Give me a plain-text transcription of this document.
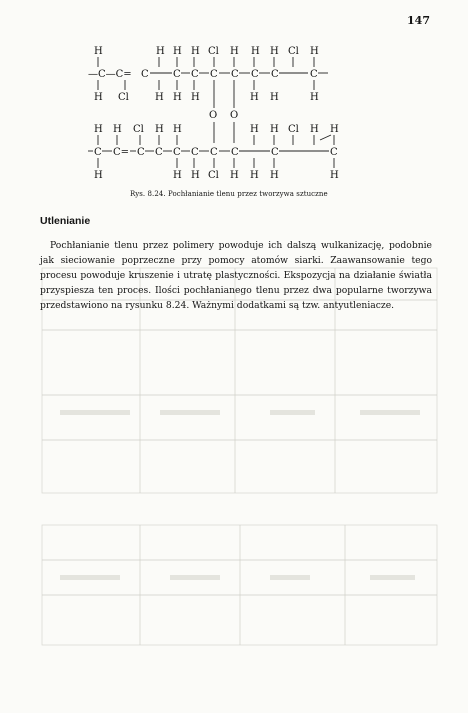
147
H	H H H Cl H H H Cl H
—C—C= C C C C C C C	C
H Cl	H H H	H H	H
O O
H H Cl H H	H H Cl H H
C C= C C C C C C	C	C
H	H H Cl H H H	H
Rys. 8.24. Pochłanianie tlenu przez tworzywa sztuczne
Utlenianie

Pochłanianie tlenu przez polimery powoduje ich dalszą wulkanizację, podobnie jak sieciowanie poprzeczne przy pomocy atomów siarki. Zaawansowanie tego procesu powoduje kruszenie i utratę plastyczności. Ekspozycja na działanie światła przyspiesza ten proces. Ilości pochłanianego tlenu przez dwa popularne tworzywa przedstawiono na rysunku 8.24. Ważnymi dodatkami są tzw. antyutleniacze.
